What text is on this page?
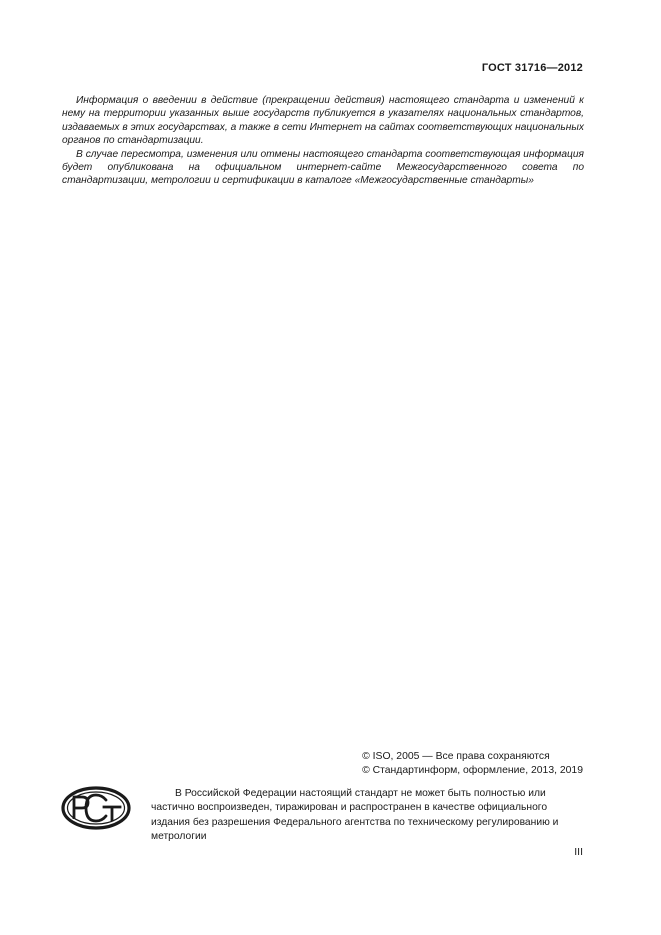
ГОСТ 31716—2012

Информация о введении в действие (прекращении действия) настоящего стандарта и изменений к нему на территории указанных выше государств публикуется в указателях национальных стандартов, издаваемых в этих государствах, а также в сети Интернет на сайтах соответствующих национальных органов по стандартизации.

В случае пересмотра, изменения или отмены настоящего стандарта соответствующая информация будет опубликована на официальном интернет-сайте Межгосударственного совета по стандартизации, метрологии и сертификации в каталоге «Межгосударственные стандарты»

© ISO, 2005 — Все права сохраняются
© Стандартинформ, оформление, 2013, 2019

В Российской Федерации настоящий стандарт не может быть полностью или частично воспроизведен, тиражирован и распространен в качестве официального издания без разрешения Федерального агентства по техническому регулированию и метрологии

III
